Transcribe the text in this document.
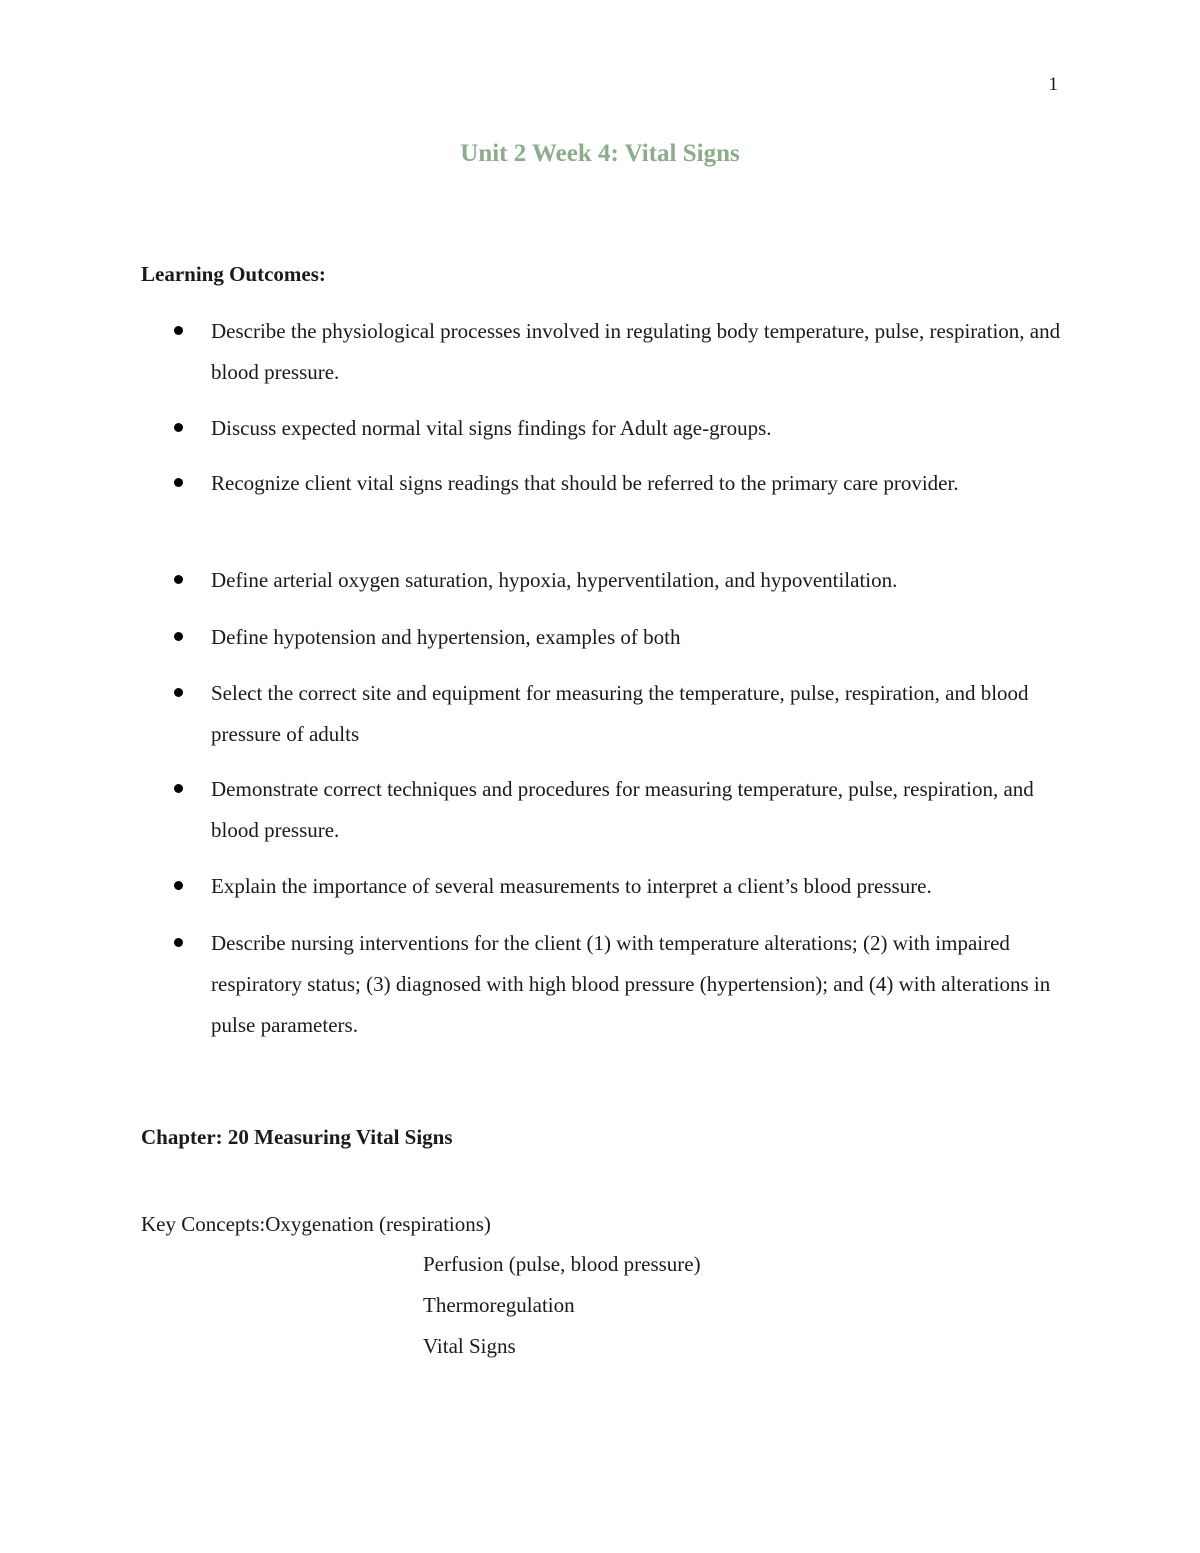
1
Unit 2 Week 4: Vital Signs
Learning Outcomes:
Describe the physiological processes involved in regulating body temperature, pulse, respiration, and blood pressure.
Discuss expected normal vital signs findings for Adult age-groups.
Recognize client vital signs readings that should be referred to the primary care provider.
Define arterial oxygen saturation, hypoxia, hyperventilation, and hypoventilation.
Define hypotension and hypertension, examples of both
Select the correct site and equipment for measuring the temperature, pulse, respiration, and blood pressure of adults
Demonstrate correct techniques and procedures for measuring temperature, pulse, respiration, and blood pressure.
Explain the importance of several measurements to interpret a client’s blood pressure.
Describe nursing interventions for the client (1) with temperature alterations; (2) with impaired respiratory status; (3) diagnosed with high blood pressure (hypertension); and (4) with alterations in pulse parameters.
Chapter: 20 Measuring Vital Signs
Key Concepts: Oxygenation (respirations)
Perfusion (pulse, blood pressure)
Thermoregulation
Vital Signs
